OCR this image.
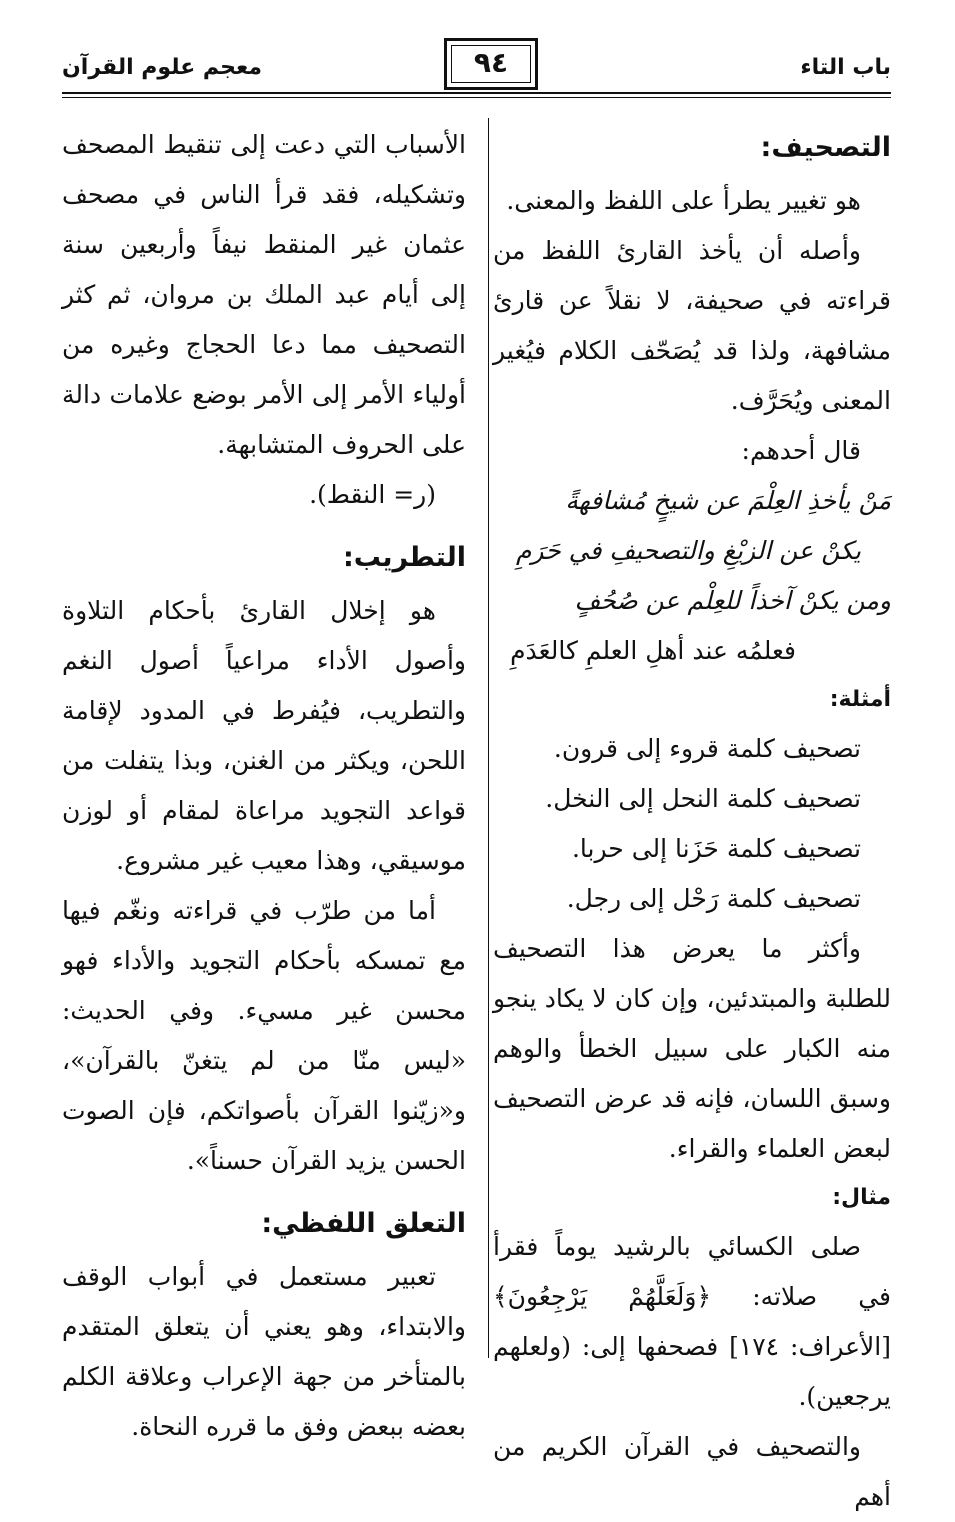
معجم علوم القرآن	٩٤	باب التاء

التصحيف:

هو تغيير يطرأ على اللفظ والمعنى.

وأصله أن يأخذ القارئ اللفظ من قراءته في صحيفة، لا نقلاً عن قارئ مشافهة، ولذا قد يُصَحّف الكلام فيُغير المعنى ويُحَرَّف.

قال أحدهم:

مَنْ يأخذِ العِلْمَ عن شيخٍ مُشافهةً

يكنْ عن الزيْغِ والتصحيفِ في حَرَمِ

ومن يكنْ آخذاً للعِلْم عن صُحُفٍ

فعلمُه عند أهلِ العلمِ كالعَدَمِ

أمثلة:

تصحيف كلمة قروء إلى قرون.

تصحيف كلمة النحل إلى النخل.

تصحيف كلمة حَزَنا إلى حربا.

تصحيف كلمة رَحْل إلى رجل.

وأكثر ما يعرض هذا التصحيف للطلبة والمبتدئين، وإن كان لا يكاد ينجو منه الكبار على سبيل الخطأ والوهم وسبق اللسان، فإنه قد عرض التصحيف لبعض العلماء والقراء.

مثال:

صلى الكسائي بالرشيد يوماً فقرأ في صلاته: ﴿وَلَعَلَّهُمْ يَرْجِعُونَ﴾ [الأعراف: ١٧٤] فصحفها إلى: (ولعلهم يرجعين).

والتصحيف في القرآن الكريم من أهم

الأسباب التي دعت إلى تنقيط المصحف وتشكيله، فقد قرأ الناس في مصحف عثمان غير المنقط نيفاً وأربعين سنة إلى أيام عبد الملك بن مروان، ثم كثر التصحيف مما دعا الحجاج وغيره من أولياء الأمر إلى الأمر بوضع علامات دالة على الحروف المتشابهة.

(ر= النقط).

التطريب:

هو إخلال القارئ بأحكام التلاوة وأصول الأداء مراعياً أصول النغم والتطريب، فيُفرط في المدود لإقامة اللحن، ويكثر من الغنن، وبذا يتفلت من قواعد التجويد مراعاة لمقام أو لوزن موسيقي، وهذا معيب غير مشروع.

أما من طرّب في قراءته ونغّم فيها مع تمسكه بأحكام التجويد والأداء فهو محسن غير مسيء. وفي الحديث: «ليس منّا من لم يتغنّ بالقرآن»، و«زيّنوا القرآن بأصواتكم، فإن الصوت الحسن يزيد القرآن حسناً».

التعلق اللفظي:

تعبير مستعمل في أبواب الوقف والابتداء، وهو يعني أن يتعلق المتقدم بالمتأخر من جهة الإعراب وعلاقة الكلم بعضه ببعض وفق ما قرره النحاة.
